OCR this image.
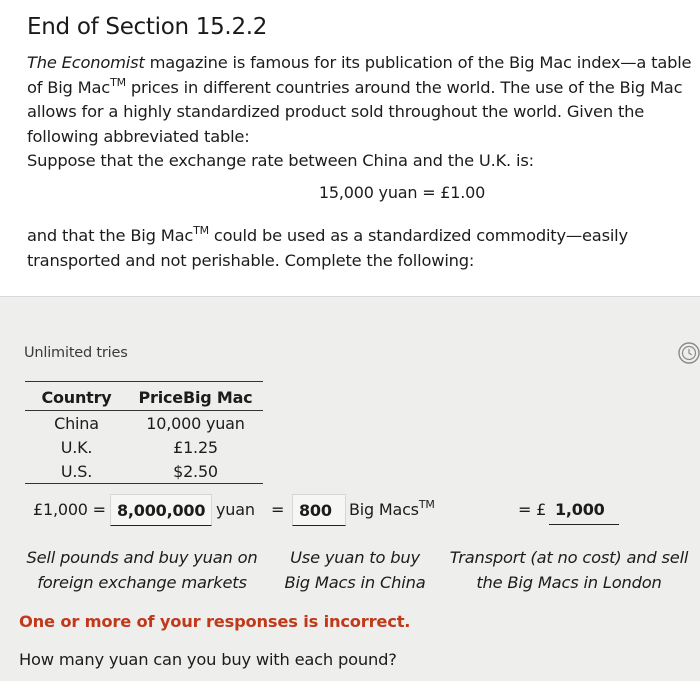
End of Section 15.2.2
The Economist magazine is famous for its publication of the Big Mac index—a table of Big Mac™ prices in different countries around the world. The use of the Big Mac allows for a highly standardized product sold throughout the world. Given the following abbreviated table:
Suppose that the exchange rate between China and the U.K. is:
15,000 yuan = £1.00
and that the Big Mac™ could be used as a standardized commodity—easily transported and not perishable. Complete the following:
Unlimited tries
Country	PriceBig Mac
China	10,000 yuan
U.K.	£1.25
U.S.	$2.50
£1,000 = 8,000,000 yuan = 800	Big Macs™	= £ 1,000
Sell pounds and buy yuan on
foreign exchange markets
Use yuan to buy
Big Macs in China
Transport (at no cost) and sell
the Big Macs in London
One or more of your responses is incorrect.
How many yuan can you buy with each pound?
